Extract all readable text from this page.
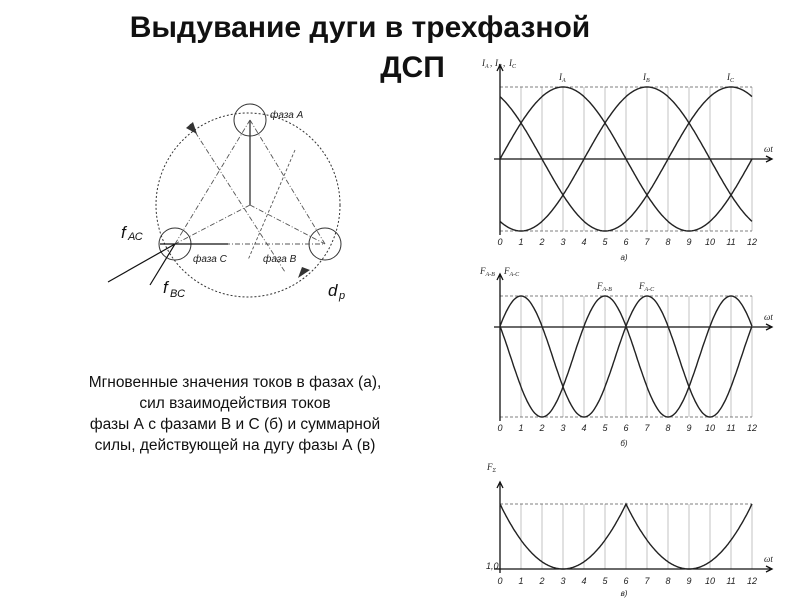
Выдувание дуги в трехфазной
ДСП
Мгновенные значения токов в фазах (а),
сил взаимодействия токов
фазы А с фазами В и С (б) и суммарной
силы, действующей на дугу фазы А (в)
фаза А
фаза В
фаза С
f АС
f ВС	d р
ωt
0 1 2 3 4 5 6 7 8 9 10 11 12
а)
ωt
0 1 2 3 4 5 6 7 8 9 10 11 12
б)
ωt
0 1 2 3 4 5 6 7 8 9 10 11 12
в)
$I_A$ , $I_B$ , $I_C$
$I_A$	$I_B$	$I_C$
$F_{A-B}$ $F_{A-C}$
$F_{A-B}$	$F_{A-C}$
$F_\Sigma$
1,0
